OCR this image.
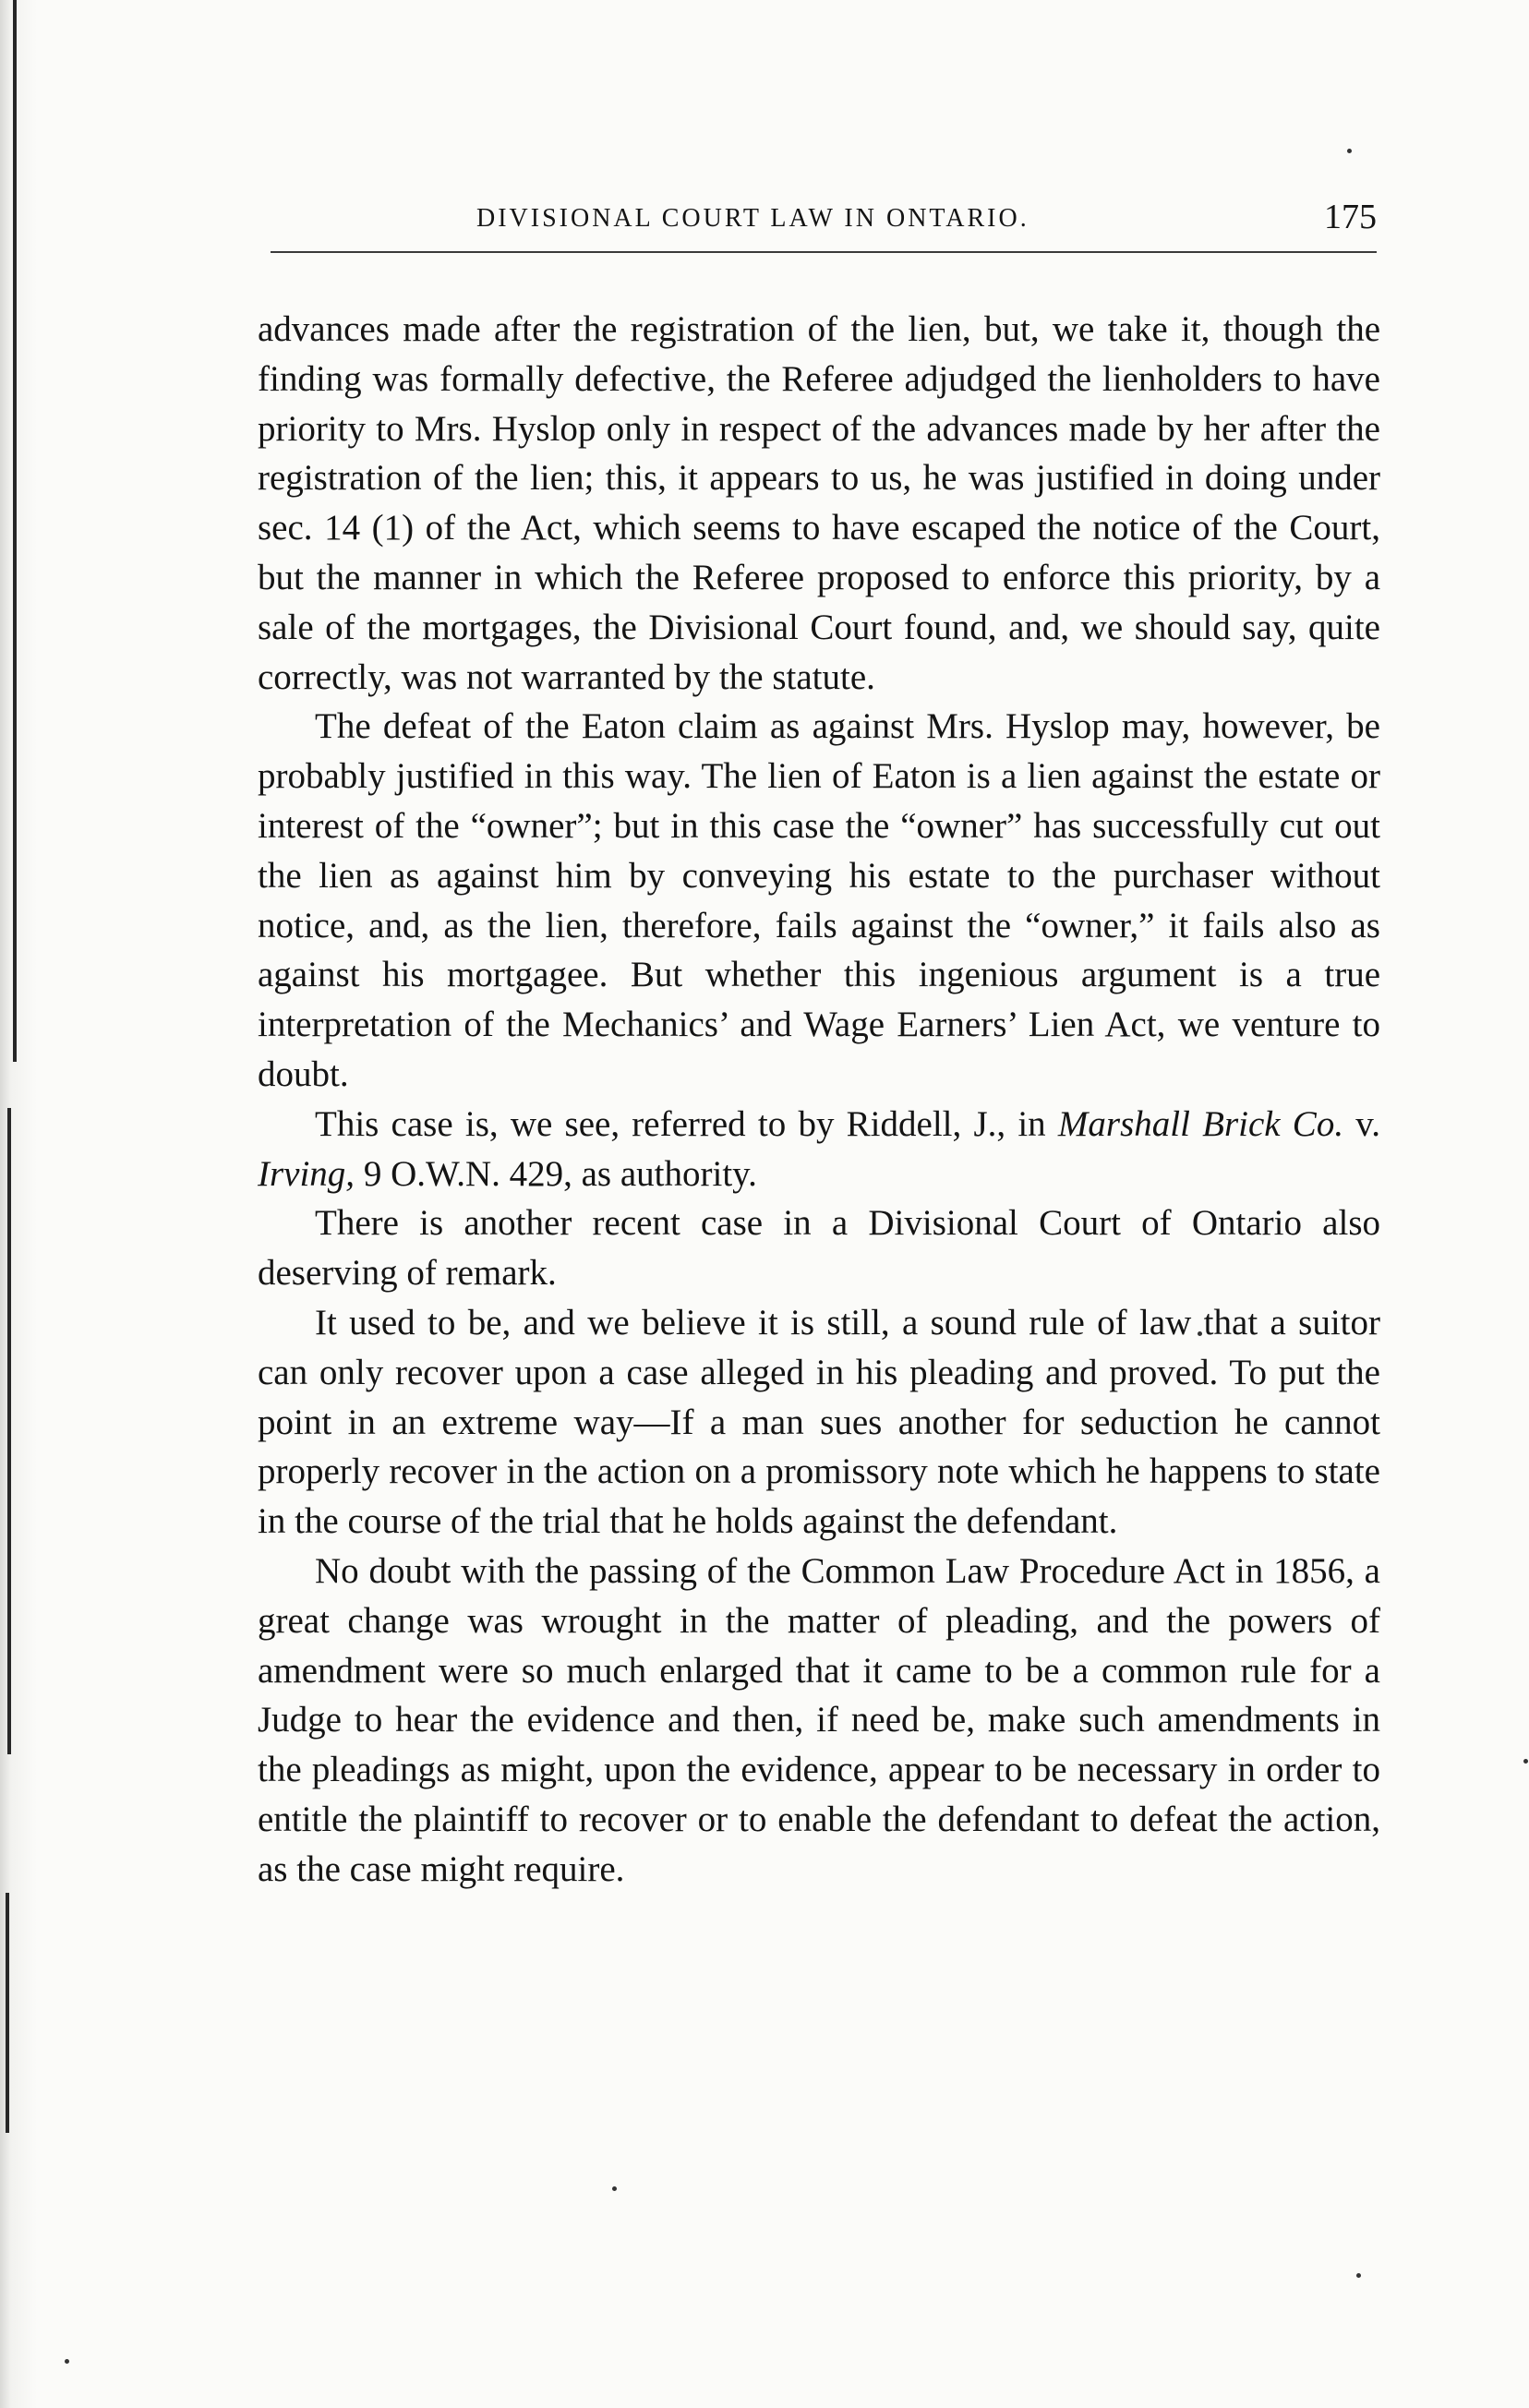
DIVISIONAL COURT LAW IN ONTARIO.	175

advances made after the registration of the lien, but, we take it, though the finding was formally defective, the Referee adjudged the lienholders to have priority to Mrs. Hyslop only in respect of the advances made by her after the registration of the lien; this, it appears to us, he was justified in doing under sec. 14 (1) of the Act, which seems to have escaped the notice of the Court, but the manner in which the Referee proposed to enforce this priority, by a sale of the mortgages, the Divisional Court found, and, we should say, quite correctly, was not warranted by the statute.

The defeat of the Eaton claim as against Mrs. Hyslop may, however, be probably justified in this way. The lien of Eaton is a lien against the estate or interest of the “owner”; but in this case the “owner” has successfully cut out the lien as against him by conveying his estate to the purchaser without notice, and, as the lien, therefore, fails against the “owner,” it fails also as against his mortgagee. But whether this ingenious argument is a true interpretation of the Mechanics’ and Wage Earners’ Lien Act, we venture to doubt.

This case is, we see, referred to by Riddell, J., in Marshall Brick Co. v. Irving, 9 O.W.N. 429, as authority.

There is another recent case in a Divisional Court of Ontario also deserving of remark.

It used to be, and we believe it is still, a sound rule of law that a suitor can only recover upon a case alleged in his pleading and proved. To put the point in an extreme way—If a man sues another for seduction he cannot properly recover in the action on a promissory note which he happens to state in the course of the trial that he holds against the defendant.

No doubt with the passing of the Common Law Procedure Act in 1856, a great change was wrought in the matter of pleading, and the powers of amendment were so much enlarged that it came to be a common rule for a Judge to hear the evidence and then, if need be, make such amendments in the pleadings as might, upon the evidence, appear to be necessary in order to entitle the plaintiff to recover or to enable the defendant to defeat the action, as the case might require.
